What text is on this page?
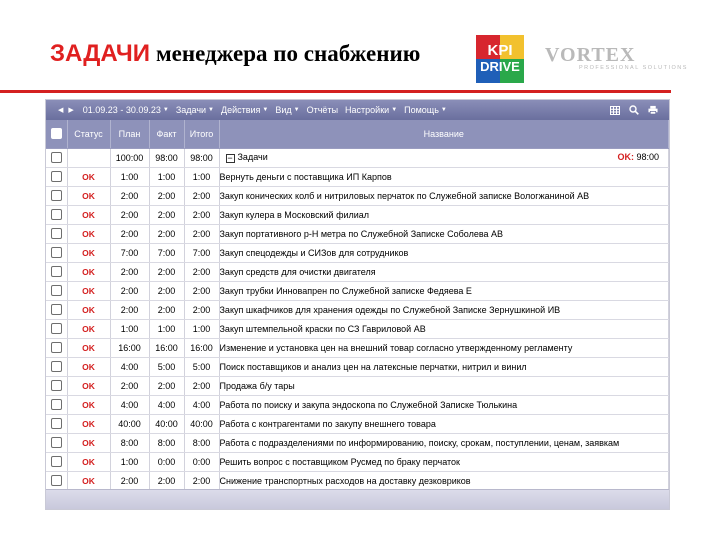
ЗАДАЧИ менеджера по снабжению	KPI
DRIVE
VORTEX
PROFESSIONAL SOLUTIONS
◀ ▶ 01.09.23 - 30.09.23 ▼ Задачи ▼ Действия ▼ Вид ▼ Отчёты Настройки ▼ Помощь ▼
	Статус	План	Факт	Итого	Название
		100:00	98:00	98:00	− Задачи OK: 98:00

	OK	1:00	1:00	1:00	Вернуть деньги с поставщика ИП Карпов
	OK	2:00	2:00	2:00	Закуп конических колб и нитриловых перчаток по Служебной записке Вологжаниной АВ
	OK	2:00	2:00	2:00	Закуп кулера в Московский филиал
	OK	2:00	2:00	2:00	Закуп портативного р-Н метра по Служебной Записке Соболева АВ
	OK	7:00	7:00	7:00	Закуп спецодежды и СИЗов для сотрудников
	OK	2:00	2:00	2:00	Закуп средств для очистки двигателя
	OK	2:00	2:00	2:00	Закуп трубки Инновапрен по Служебной записке Федяева Е
	OK	2:00	2:00	2:00	Закуп шкафчиков для хранения одежды по Служебной Записке Зернушкиной ИВ
	OK	1:00	1:00	1:00	Закуп штемпельной краски по СЗ Гавриловой АВ
	OK	16:00	16:00	16:00	Изменение и установка цен на внешний товар согласно утвержденному регламенту
	OK	4:00	5:00	5:00	Поиск поставщиков и анализ цен на латексные перчатки, нитрил и винил
	OK	2:00	2:00	2:00	Продажа б/у тары
	OK	4:00	4:00	4:00	Работа по поиску и закупа эндоскопа по Служебной Записке Тюлькина
	OK	40:00	40:00	40:00	Работа с контрагентами по закупу внешнего товара
	OK	8:00	8:00	8:00	Работа с подразделениями по информированию, поиску, срокам, поступлении, ценам, заявкам
	OK	1:00	0:00	0:00	Решить вопрос с поставщиком Русмед по браку перчаток
	OK	2:00	2:00	2:00	Снижение транспортных расходов на доставку дезковриков
